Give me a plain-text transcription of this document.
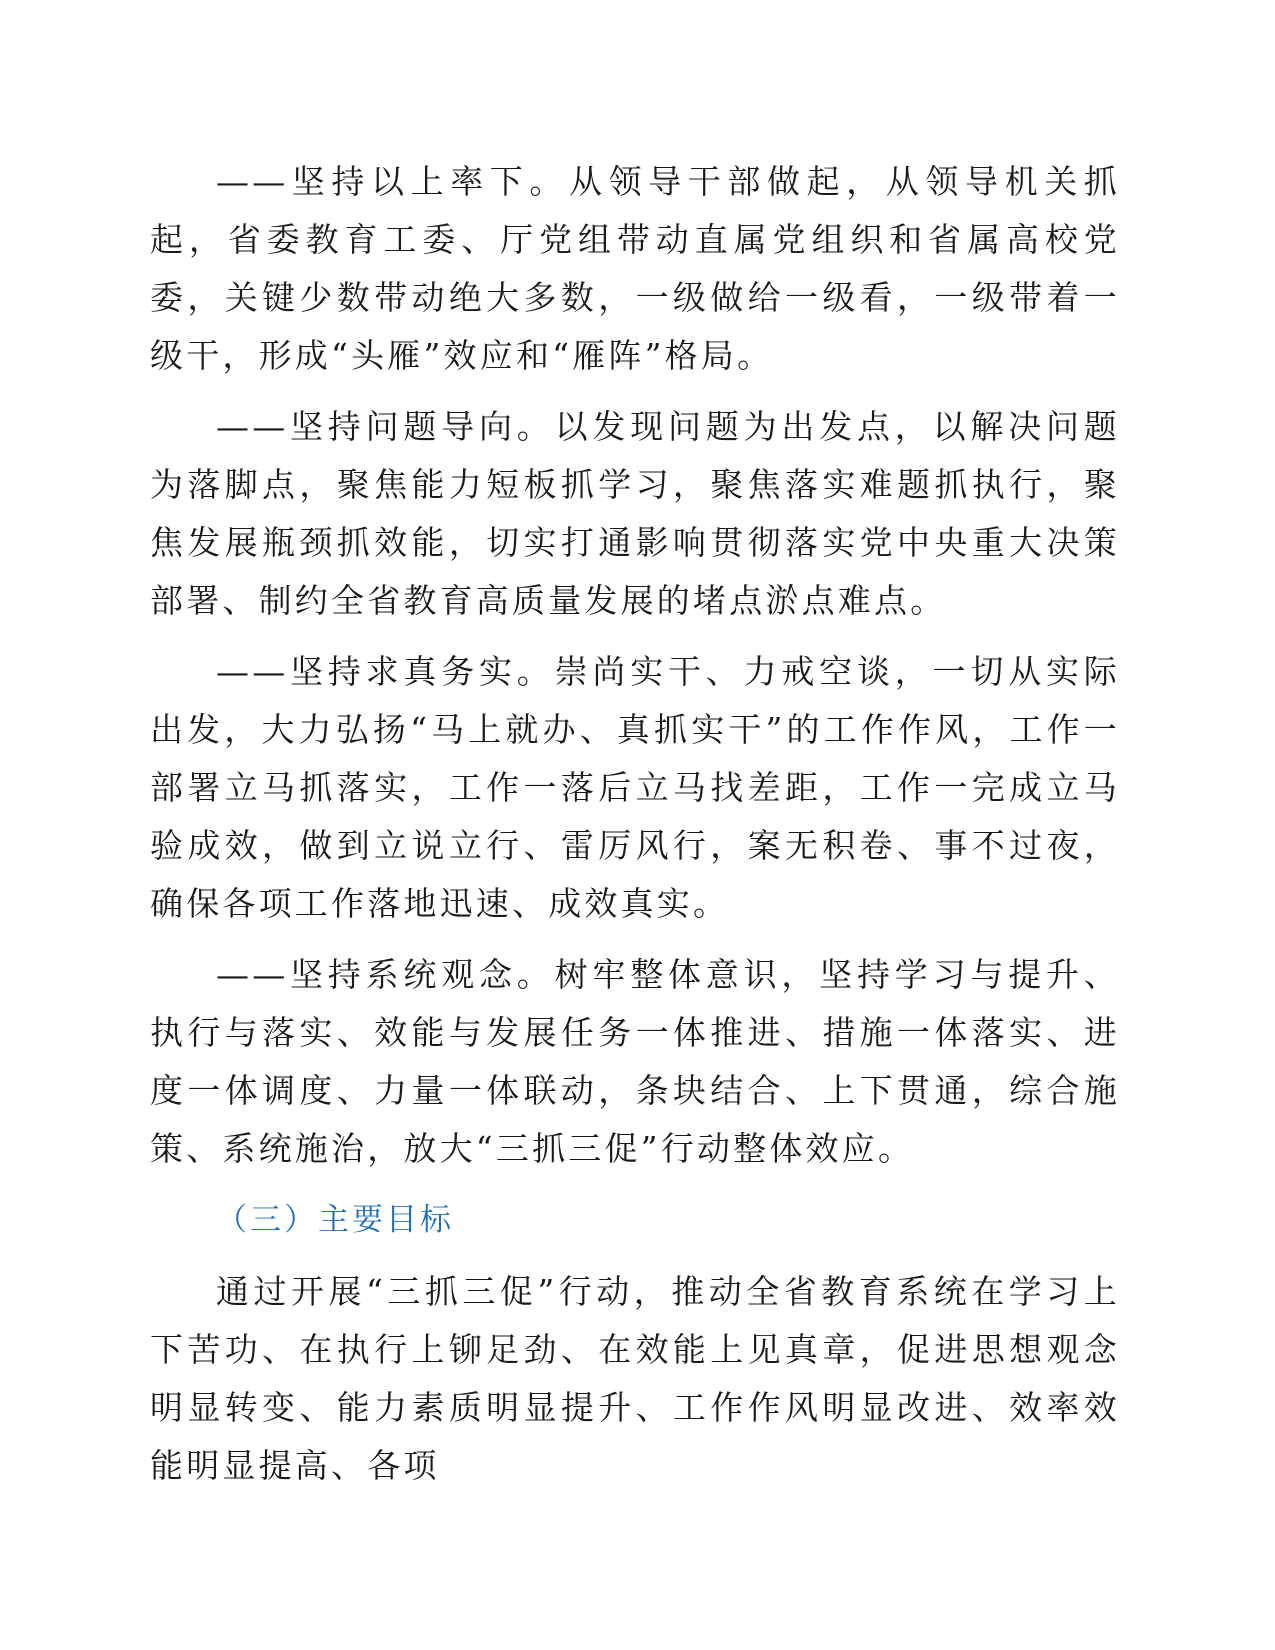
——坚持以上率下。从领导干部做起，从领导机关抓起，省委教育工委、厅党组带动直属党组织和省属高校党委，关键少数带动绝大多数，一级做给一级看，一级带着一级干，形成“头雁”效应和“雁阵”格局。

——坚持问题导向。以发现问题为出发点，以解决问题为落脚点，聚焦能力短板抓学习，聚焦落实难题抓执行，聚焦发展瓶颈抓效能，切实打通影响贯彻落实党中央重大决策部署、制约全省教育高质量发展的堵点淤点难点。

——坚持求真务实。崇尚实干、力戒空谈，一切从实际出发，大力弘扬“马上就办、真抓实干”的工作作风，工作一部署立马抓落实，工作一落后立马找差距，工作一完成立马验成效，做到立说立行、雷厉风行，案无积卷、事不过夜，确保各项工作落地迅速、成效真实。

——坚持系统观念。树牢整体意识，坚持学习与提升、执行与落实、效能与发展任务一体推进、措施一体落实、进度一体调度、力量一体联动，条块结合、上下贯通，综合施策、系统施治，放大“三抓三促”行动整体效应。

（三）主要目标

通过开展“三抓三促”行动，推动全省教育系统在学习上下苦功、在执行上铆足劲、在效能上见真章，促进思想观念明显转变、能力素质明显提升、工作作风明显改进、效率效能明显提高、各项
